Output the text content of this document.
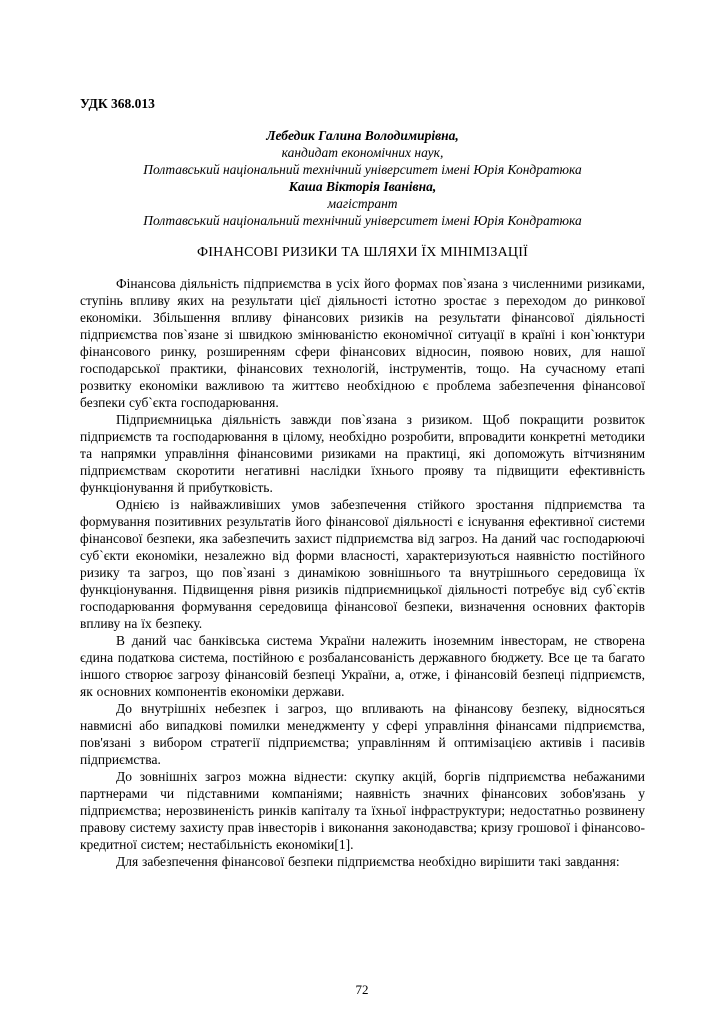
УДК 368.013
Лебедик Галина Володимирівна,
кандидат економічних наук,
Полтавський національний технічний університет імені Юрія Кондратюка
Каша Вікторія Іванівна,
магістрант
Полтавський національний технічний університет імені Юрія Кондратюка
ФІНАНСОВІ РИЗИКИ ТА ШЛЯХИ ЇХ МІНІМІЗАЦІЇ

Фінансова діяльність підприємства в усіх його формах пов`язана з численними ризиками, ступінь впливу яких на результати цієї діяльності істотно зростає з переходом до ринкової економіки. Збільшення впливу фінансових ризиків на результати фінансової діяльності підприємства пов`язане зі швидкою змінюваністю економічної ситуації в країні і кон`юнктури фінансового ринку, розширенням сфери фінансових відносин, появою нових, для нашої господарської практики, фінансових технологій, інструментів, тощо. На сучасному етапі розвитку економіки важливою та життєво необхідною є проблема забезпечення фінансової безпеки суб`єкта господарювання.

Підприємницька діяльність завжди пов`язана з ризиком. Щоб покращити розвиток підприємств та господарювання в цілому, необхідно розробити, впровадити конкретні методики та напрямки управління фінансовими ризиками на практиці, які допоможуть вітчизняним підприємствам скоротити негативні наслідки їхнього прояву та підвищити ефективність функціонування й прибутковість.

Однією із найважливіших умов забезпечення стійкого зростання підприємства та формування позитивних результатів його фінансової діяльності є існування ефективної системи фінансової безпеки, яка забезпечить захист підприємства від загроз. На даний час господарюючі суб`єкти економіки, незалежно від форми власності, характеризуються наявністю постійного ризику та загроз, що пов`язані з динамікою зовнішнього та внутрішнього середовища їх функціонування. Підвищення рівня ризиків підприємницької діяльності потребує від суб`єктів господарювання формування середовища фінансової безпеки, визначення основних факторів впливу на їх безпеку.

В даний час банківська система України належить іноземним інвесторам, не створена єдина податкова система, постійною є розбалансованість державного бюджету. Все це та багато іншого створює загрозу фінансовій безпеці України, а, отже, і фінансовій безпеці підприємств, як основних компонентів економіки держави.

До внутрішніх небезпек і загроз, що впливають на фінансову безпеку, відносяться навмисні або випадкові помилки менеджменту у сфері управління фінансами підприємства, пов'язані з вибором стратегії підприємства; управлінням й оптимізацією активів і пасивів підприємства.

До зовнішніх загроз можна віднести: скупку акцій, боргів підприємства небажаними партнерами чи підставними компаніями; наявність значних фінансових зобов'язань у підприємства; нерозвиненість ринків капіталу та їхньої інфраструктури; недостатньо розвинену правову систему захисту прав інвесторів і виконання законодавства; кризу грошової і фінансово-кредитної систем; нестабільність економіки[1].

Для забезпечення фінансової безпеки підприємства необхідно вирішити такі завдання:

72
